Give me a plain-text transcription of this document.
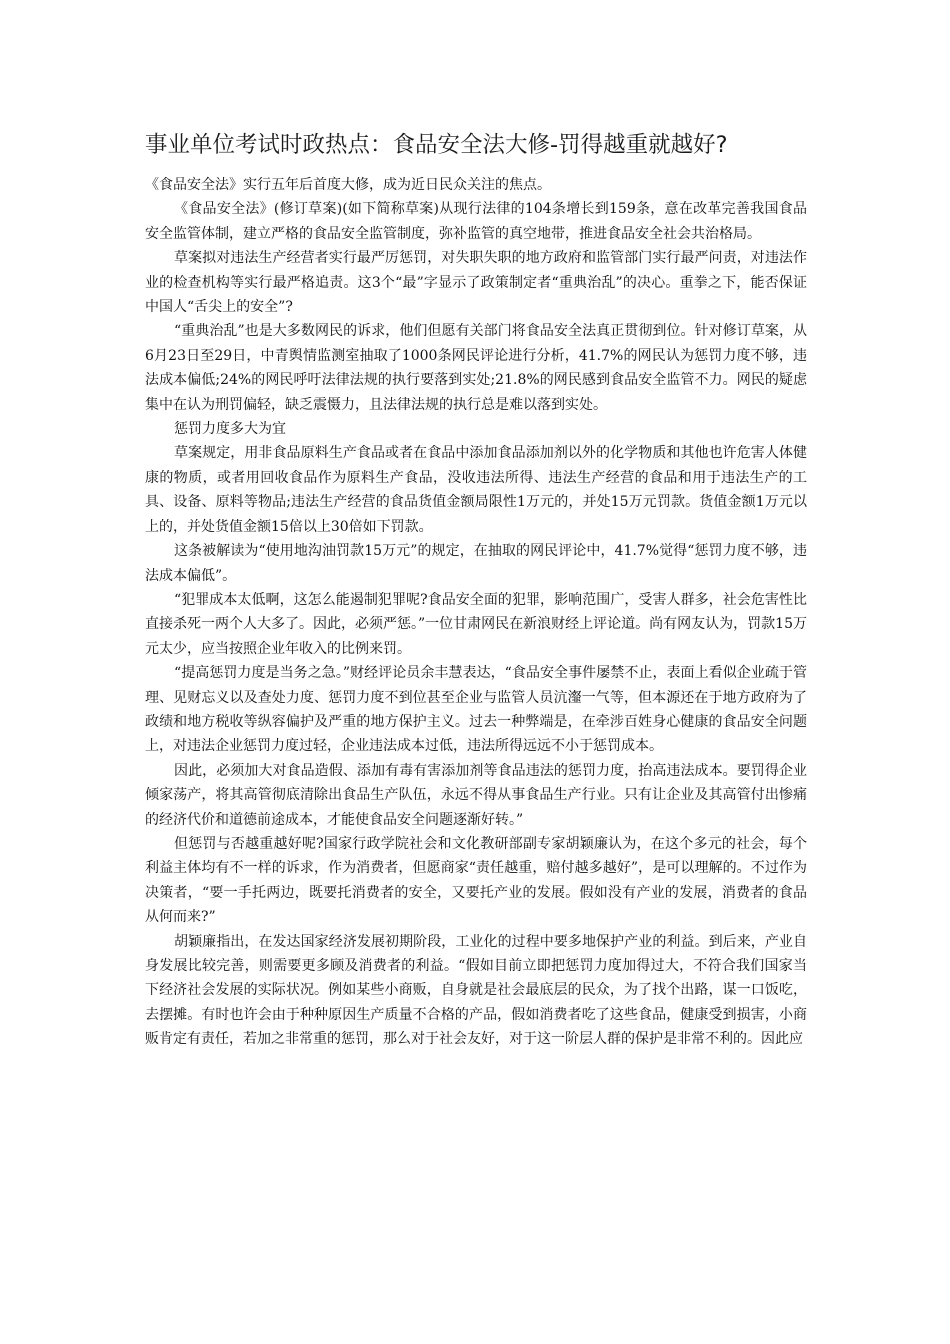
事业单位考试时政热点：食品安全法大修-罚得越重就越好?

《食品安全法》实行五年后首度大修，成为近日民众关注的焦点。

《食品安全法》(修订草案)(如下简称草案)从现行法律的104条增长到159条，意在改革完善我国食品安全监管体制，建立严格的食品安全监管制度，弥补监管的真空地带，推进食品安全社会共治格局。

草案拟对违法生产经营者实行最严厉惩罚，对失职失职的地方政府和监管部门实行最严问责，对违法作业的检查机构等实行最严格追责。这3个“最”字显示了政策制定者“重典治乱”的决心。重拳之下，能否保证中国人“舌尖上的安全”?

“重典治乱”也是大多数网民的诉求，他们但愿有关部门将食品安全法真正贯彻到位。针对修订草案，从6月23日至29日，中青舆情监测室抽取了1000条网民评论进行分析，41.7%的网民认为惩罚力度不够，违法成本偏低;24%的网民呼吁法律法规的执行要落到实处;21.8%的网民感到食品安全监管不力。网民的疑虑集中在认为刑罚偏轻，缺乏震慑力，且法律法规的执行总是难以落到实处。

惩罚力度多大为宜

草案规定，用非食品原料生产食品或者在食品中添加食品添加剂以外的化学物质和其他也许危害人体健康的物质，或者用回收食品作为原料生产食品，没收违法所得、违法生产经营的食品和用于违法生产的工具、设备、原料等物品;违法生产经营的食品货值金额局限性1万元的，并处15万元罚款。货值金额1万元以上的，并处货值金额15倍以上30倍如下罚款。

这条被解读为“使用地沟油罚款15万元”的规定，在抽取的网民评论中，41.7%觉得“惩罚力度不够，违法成本偏低”。

“犯罪成本太低啊，这怎么能遏制犯罪呢?食品安全面的犯罪，影响范围广，受害人群多，社会危害性比直接杀死一两个人大多了。因此，必须严惩。”一位甘肃网民在新浪财经上评论道。尚有网友认为，罚款15万元太少，应当按照企业年收入的比例来罚。

“提高惩罚力度是当务之急。”财经评论员余丰慧表达，“食品安全事件屡禁不止，表面上看似企业疏于管理、见财忘义以及查处力度、惩罚力度不到位甚至企业与监管人员沆瀣一气等，但本源还在于地方政府为了政绩和地方税收等纵容偏护及严重的地方保护主义。过去一种弊端是，在牵涉百姓身心健康的食品安全问题上，对违法企业惩罚力度过轻，企业违法成本过低，违法所得远远不小于惩罚成本。

因此，必须加大对食品造假、添加有毒有害添加剂等食品违法的惩罚力度，抬高违法成本。要罚得企业倾家荡产，将其高管彻底清除出食品生产队伍，永远不得从事食品生产行业。只有让企业及其高管付出惨痛的经济代价和道德前途成本，才能使食品安全问题逐渐好转。”

但惩罚与否越重越好呢?国家行政学院社会和文化教研部副专家胡颖廉认为，在这个多元的社会，每个利益主体均有不一样的诉求，作为消费者，但愿商家“责任越重，赔付越多越好”，是可以理解的。不过作为决策者，“要一手托两边，既要托消费者的安全，又要托产业的发展。假如没有产业的发展，消费者的食品从何而来?”

胡颖廉指出，在发达国家经济发展初期阶段，工业化的过程中要多地保护产业的利益。到后来，产业自身发展比较完善，则需要更多顾及消费者的利益。“假如目前立即把惩罚力度加得过大，不符合我们国家当下经济社会发展的实际状况。例如某些小商贩，自身就是社会最底层的民众，为了找个出路，谋一口饭吃，去摆摊。有时也许会由于种种原因生产质量不合格的产品，假如消费者吃了这些食品，健康受到损害，小商贩肯定有责任，若加之非常重的惩罚，那么对于社会友好，对于这一阶层人群的保护是非常不利的。因此应
